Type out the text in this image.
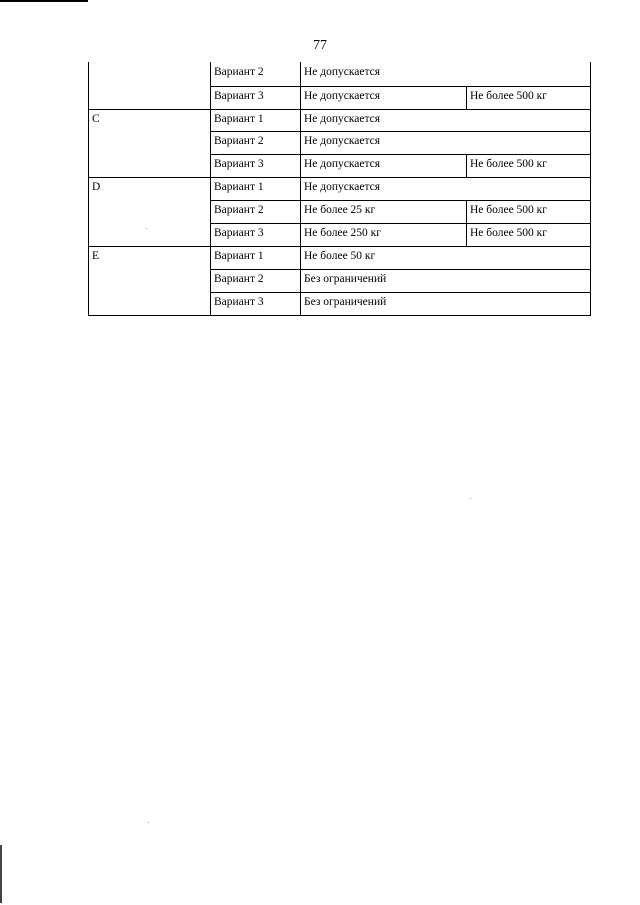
77
Вариант 2	Не допускается
Вариант 3	Не допускается	Не более 500 кг
C	Вариант 1	Не допускается
Вариант 2	Не допускается
Вариант 3	Не допускается	Не более 500 кг
D	Вариант 1	Не допускается
Вариант 2	Не более 25 кг	Не более 500 кг
Вариант 3	Не более 250 кг	Не более 500 кг
E	Вариант 1	Не более 50 кг
Вариант 2	Без ограничений
Вариант 3	Без ограничений
